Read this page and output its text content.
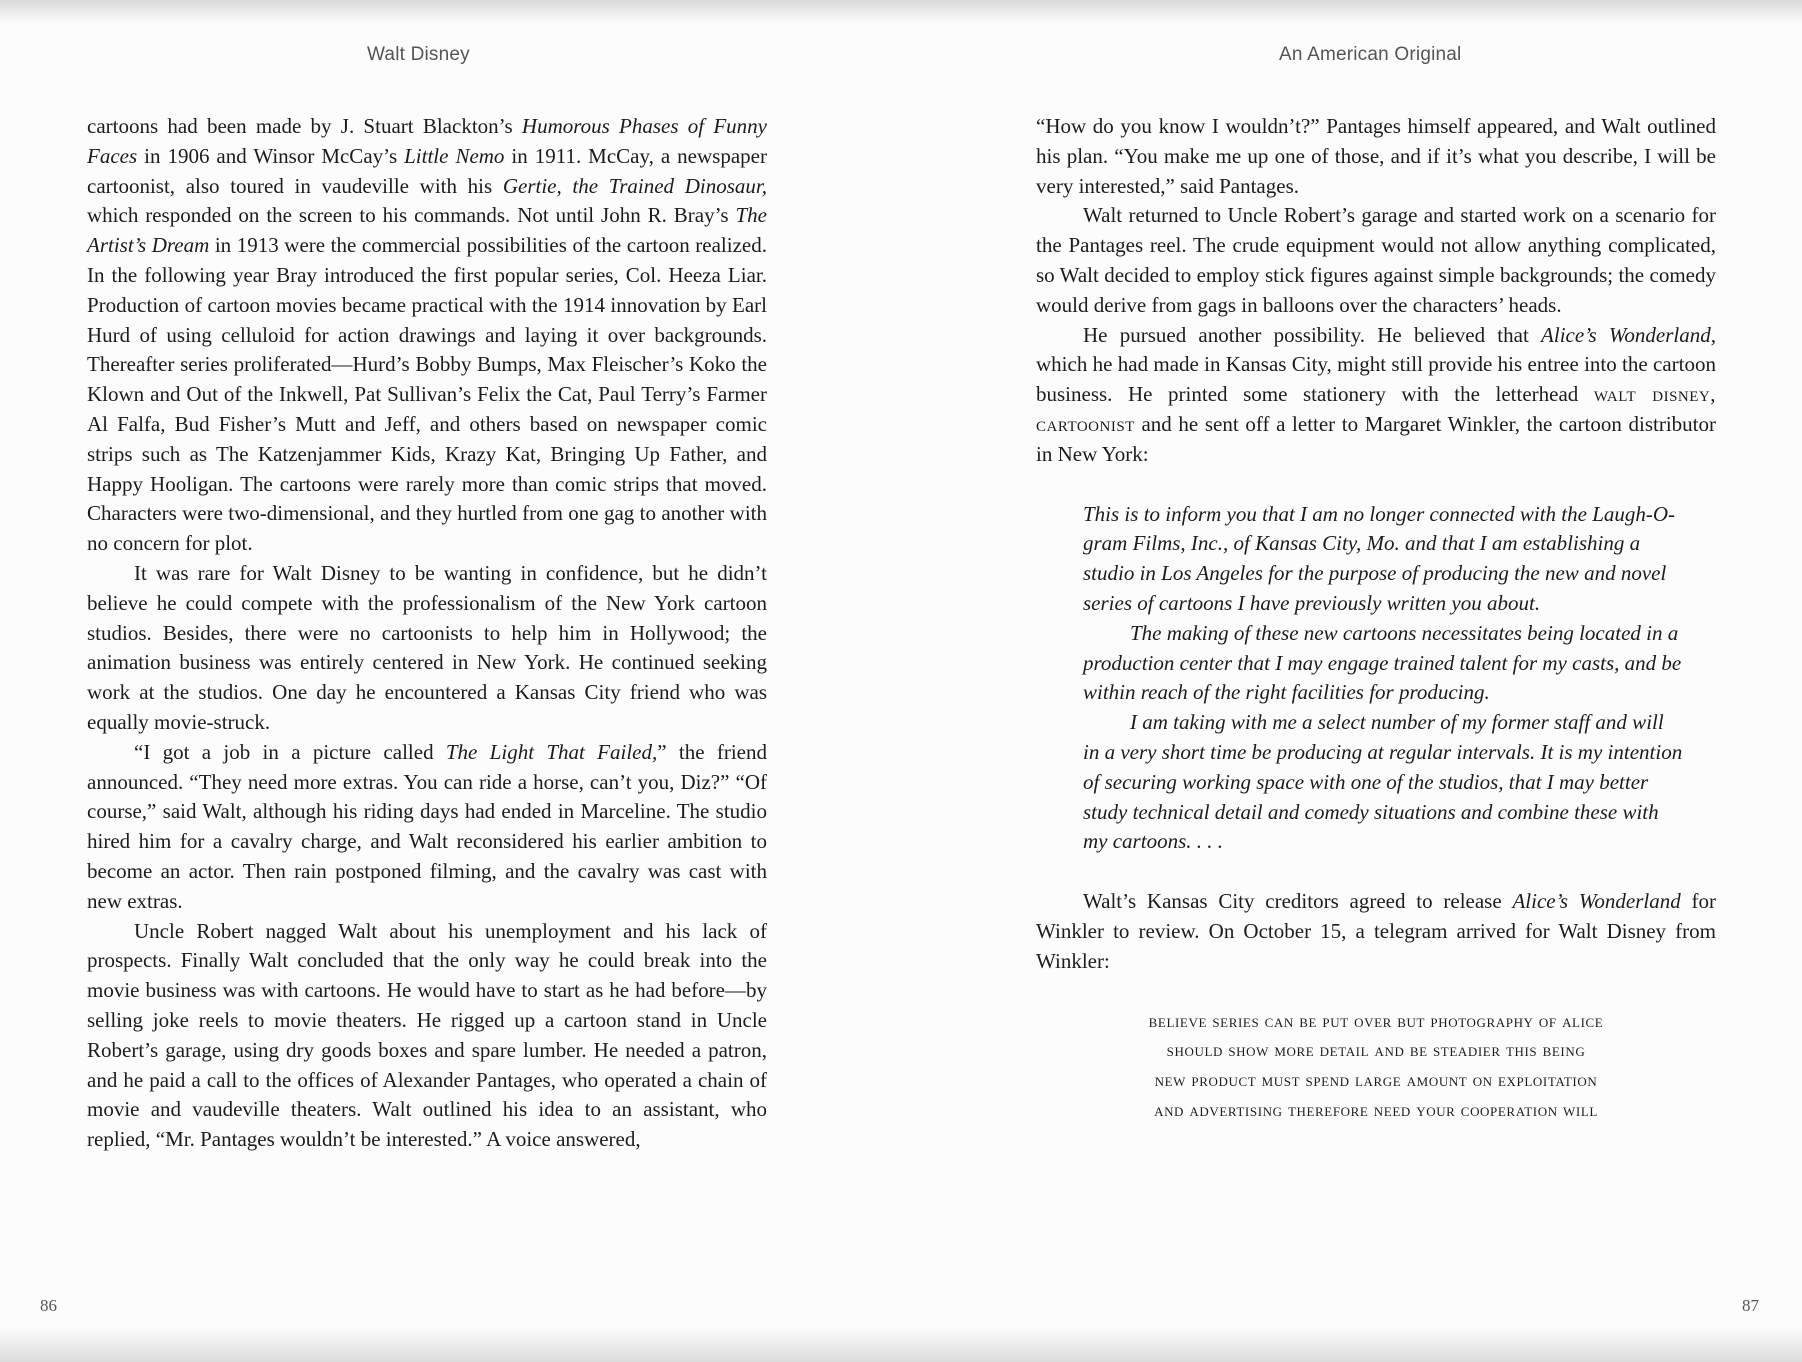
Walt Disney

cartoons had been made by J. Stuart Blackton’s Humorous Phases of Funny Faces in 1906 and Winsor McCay’s Little Nemo in 1911. McCay, a newspaper cartoonist, also toured in vaudeville with his Gertie, the Trained Dinosaur, which responded on the screen to his commands. Not until John R. Bray’s The Artist’s Dream in 1913 were the commercial possibilities of the cartoon realized. In the following year Bray introduced the first popular series, Col. Heeza Liar. Production of cartoon movies became practical with the 1914 innovation by Earl Hurd of using celluloid for action drawings and laying it over backgrounds. Thereafter series proliferated—Hurd’s Bobby Bumps, Max Fleischer’s Koko the Klown and Out of the Inkwell, Pat Sullivan’s Felix the Cat, Paul Terry’s Farmer Al Falfa, Bud Fisher’s Mutt and Jeff, and others based on newspaper comic strips such as The Katzenjammer Kids, Krazy Kat, Bringing Up Father, and Happy Hooligan. The cartoons were rarely more than comic strips that moved. Characters were two-dimensional, and they hurtled from one gag to another with no concern for plot.

It was rare for Walt Disney to be wanting in confidence, but he didn’t believe he could compete with the professionalism of the New York cartoon studios. Besides, there were no cartoonists to help him in Hollywood; the animation business was entirely centered in New York. He continued seeking work at the studios. One day he encountered a Kansas City friend who was equally movie-struck.

“I got a job in a picture called The Light That Failed,” the friend announced. “They need more extras. You can ride a horse, can’t you, Diz?” “Of course,” said Walt, although his riding days had ended in Marceline. The studio hired him for a cavalry charge, and Walt reconsidered his earlier ambition to become an actor. Then rain postponed filming, and the cavalry was cast with new extras.

Uncle Robert nagged Walt about his unemployment and his lack of prospects. Finally Walt concluded that the only way he could break into the movie business was with cartoons. He would have to start as he had before—by selling joke reels to movie theaters. He rigged up a cartoon stand in Uncle Robert’s garage, using dry goods boxes and spare lumber. He needed a patron, and he paid a call to the offices of Alexander Pantages, who operated a chain of movie and vaudeville theaters. Walt outlined his idea to an assistant, who replied, “Mr. Pantages wouldn’t be interested.” A voice answered,

86
An American Original

“How do you know I wouldn’t?” Pantages himself appeared, and Walt outlined his plan. “You make me up one of those, and if it’s what you describe, I will be very interested,” said Pantages.

Walt returned to Uncle Robert’s garage and started work on a scenario for the Pantages reel. The crude equipment would not allow anything complicated, so Walt decided to employ stick figures against simple backgrounds; the comedy would derive from gags in balloons over the characters’ heads.

He pursued another possibility. He believed that Alice’s Wonderland, which he had made in Kansas City, might still provide his entree into the cartoon business. He printed some stationery with the letterhead walt disney, cartoonist and he sent off a letter to Margaret Winkler, the cartoon distributor in New York:

This is to inform you that I am no longer connected with the Laugh-O-gram Films, Inc., of Kansas City, Mo. and that I am establishing a studio in Los Angeles for the purpose of producing the new and novel series of cartoons I have previously written you about.

The making of these new cartoons necessitates being located in a production center that I may engage trained talent for my casts, and be within reach of the right facilities for producing.

I am taking with me a select number of my former staff and will in a very short time be producing at regular intervals. It is my intention of securing working space with one of the studios, that I may better study technical detail and comedy situations and combine these with my cartoons. . . .

Walt’s Kansas City creditors agreed to release Alice’s Wonderland for Winkler to review. On October 15, a telegram arrived for Walt Disney from Winkler:

believe series can be put over but photography of alice

should show more detail and be steadier this being

new product must spend large amount on exploitation

and advertising therefore need your cooperation will

87
